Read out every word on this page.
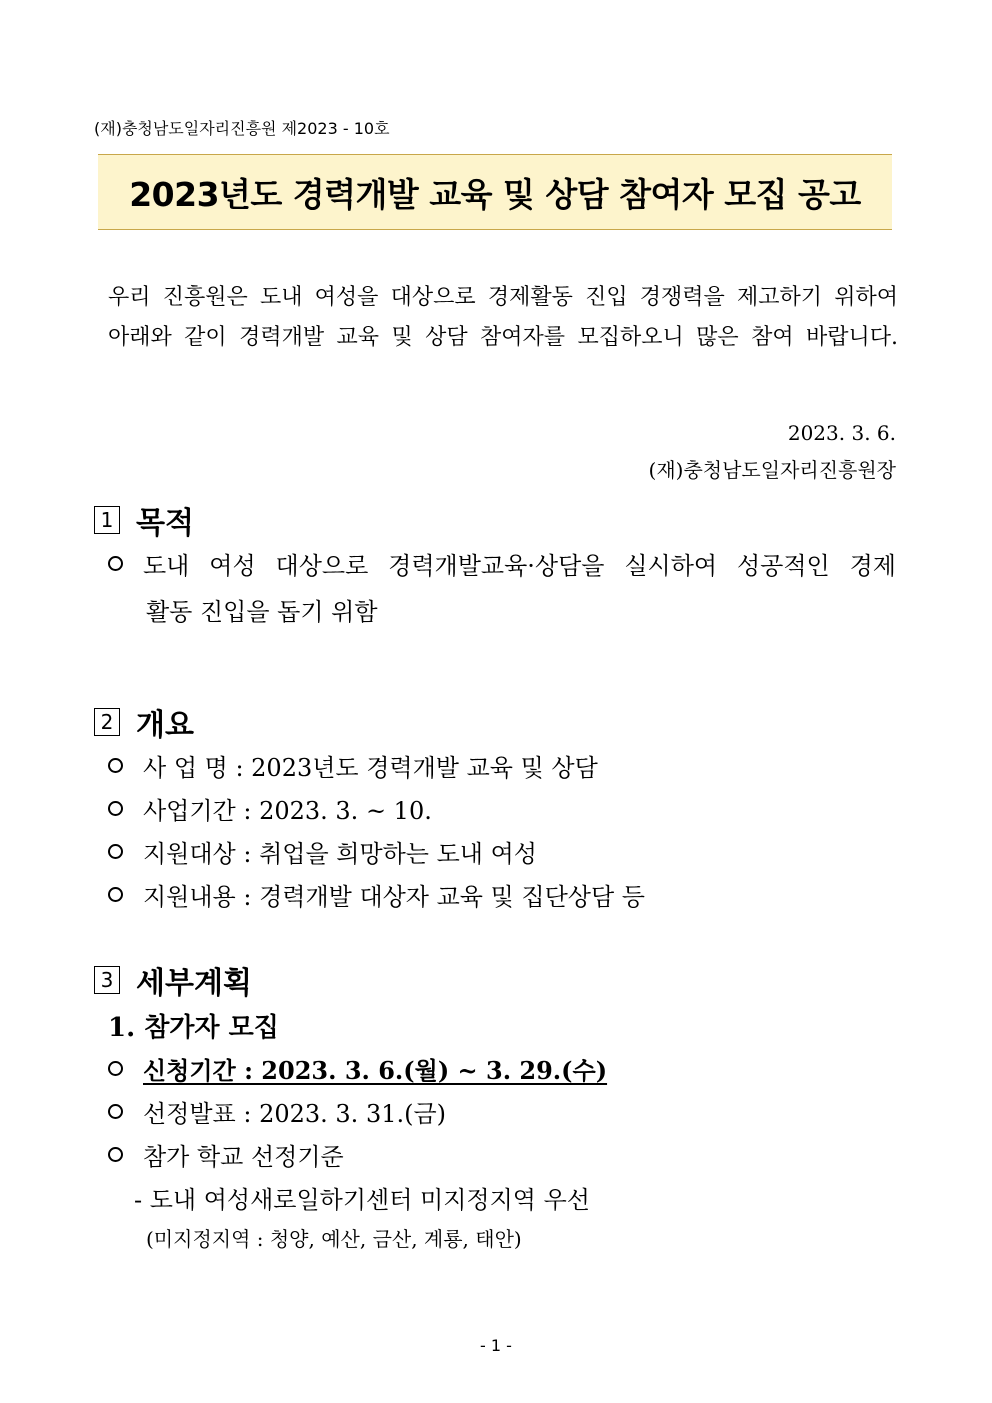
(재)충청남도일자리진흥원 제2023 - 10호
2023년도 경력개발 교육 및 상담 참여자 모집 공고
우리 진흥원은 도내 여성을 대상으로 경제활동 진입 경쟁력을 제고하기 위하여
아래와 같이 경력개발 교육 및 상담 참여자를 모집하오니 많은 참여 바랍니다.
2023. 3. 6.
(재)충청남도일자리진흥원장
1 목적
도내 여성 대상으로 경력개발교육·상담을 실시하여 성공적인 경제
활동 진입을 돕기 위함
2 개요
사 업 명 : 2023년도 경력개발 교육 및 상담
사업기간 : 2023. 3. ~ 10.
지원대상 : 취업을 희망하는 도내 여성
지원내용 : 경력개발 대상자 교육 및 집단상담 등
3 세부계획
1. 참가자 모집
신청기간 : 2023. 3. 6.(월) ~ 3. 29.(수)
선정발표 : 2023. 3. 31.(금)
참가 학교 선정기준
- 도내 여성새로일하기센터 미지정지역 우선
(미지정지역 : 청양, 예산, 금산, 계룡, 태안)
- 1 -
